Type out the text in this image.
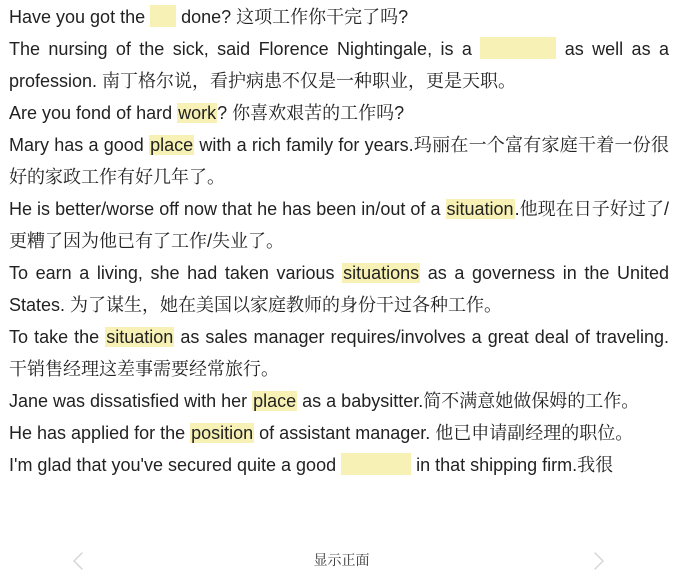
Have you got the  done? 这项工作你干完了吗?
The nursing of the sick, said Florence Nightingale, is a	as well as a profession. 南丁格尔说，看护病患不仅是一种职业，更是天职。
Are you fond of hard work? 你喜欢艰苦的工作吗?
Mary has a good place with a rich family for years.玛丽在一个富有家庭干着一份很好的家政工作有好几年了。
He is better/worse off now that he has been in/out of a situation.他现在日子好过了/更糟了因为他已有了工作/失业了。
To earn a living, she had taken various situations as a governess in the United States. 为了谋生，她在美国以家庭教师的身份干过各种工作。
To take the situation as sales manager requires/involves a great deal of traveling. 干销售经理这差事需要经常旅行。
Jane was dissatisfied with her place as a babysitter.简不满意她做保姆的工作。
He has applied for the position of assistant manager. 他已申请副经理的职位。
I'm glad that you've secured quite a good	in that shipping firm.我很
显示正面
